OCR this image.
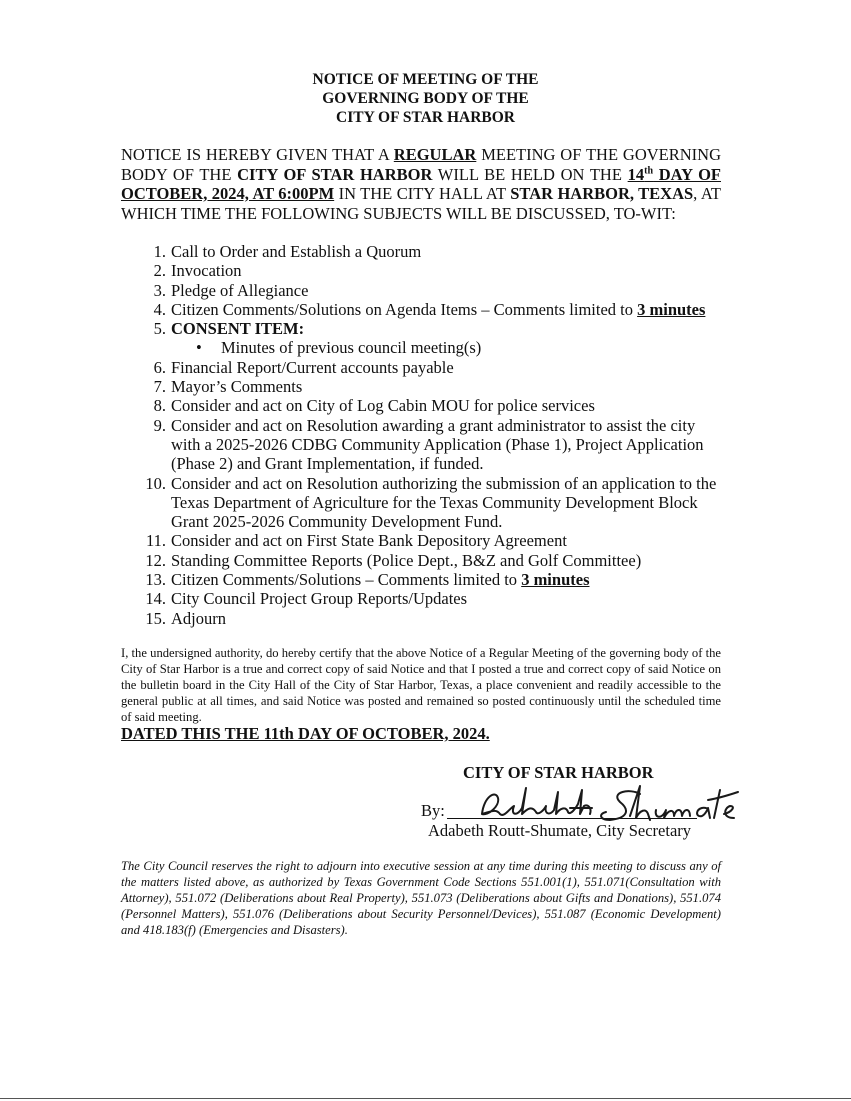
NOTICE OF MEETING OF THE
GOVERNING BODY OF THE
CITY OF STAR HARBOR
NOTICE IS HEREBY GIVEN THAT A REGULAR MEETING OF THE GOVERNING BODY OF THE CITY OF STAR HARBOR WILL BE HELD ON THE 14th DAY OF OCTOBER, 2024, AT 6:00PM IN THE CITY HALL AT STAR HARBOR, TEXAS, AT WHICH TIME THE FOLLOWING SUBJECTS WILL BE DISCUSSED, TO-WIT:
1. Call to Order and Establish a Quorum
2. Invocation
3. Pledge of Allegiance
4. Citizen Comments/Solutions on Agenda Items – Comments limited to 3 minutes
5. CONSENT ITEM:
•	Minutes of previous council meeting(s)
6. Financial Report/Current accounts payable
7. Mayor’s Comments
8. Consider and act on City of Log Cabin MOU for police services
9. Consider and act on Resolution awarding a grant administrator to assist the city with a 2025-2026 CDBG Community Application (Phase 1), Project Application (Phase 2) and Grant Implementation, if funded.
10. Consider and act on Resolution authorizing the submission of an application to the Texas Department of Agriculture for the Texas Community Development Block Grant 2025-2026 Community Development Fund.
11. Consider and act on First State Bank Depository Agreement
12. Standing Committee Reports (Police Dept., B&Z and Golf Committee)
13. Citizen Comments/Solutions – Comments limited to 3 minutes
14. City Council Project Group Reports/Updates
15. Adjourn
I, the undersigned authority, do hereby certify that the above Notice of a Regular Meeting of the governing body of the City of Star Harbor is a true and correct copy of said Notice and that I posted a true and correct copy of said Notice on the bulletin board in the City Hall of the City of Star Harbor, Texas, a place convenient and readily accessible to the general public at all times, and said Notice was posted and remained so posted continuously until the scheduled time of said meeting.
DATED THIS THE 11th DAY OF OCTOBER, 2024.
CITY OF STAR HARBOR
By:
Adabeth Routt-Shumate, City Secretary
The City Council reserves the right to adjourn into executive session at any time during this meeting to discuss any of the matters listed above, as authorized by Texas Government Code Sections 551.001(1), 551.071(Consultation with Attorney), 551.072 (Deliberations about Real Property), 551.073 (Deliberations about Gifts and Donations), 551.074 (Personnel Matters), 551.076 (Deliberations about Security Personnel/Devices), 551.087 (Economic Development) and 418.183(f) (Emergencies and Disasters).
